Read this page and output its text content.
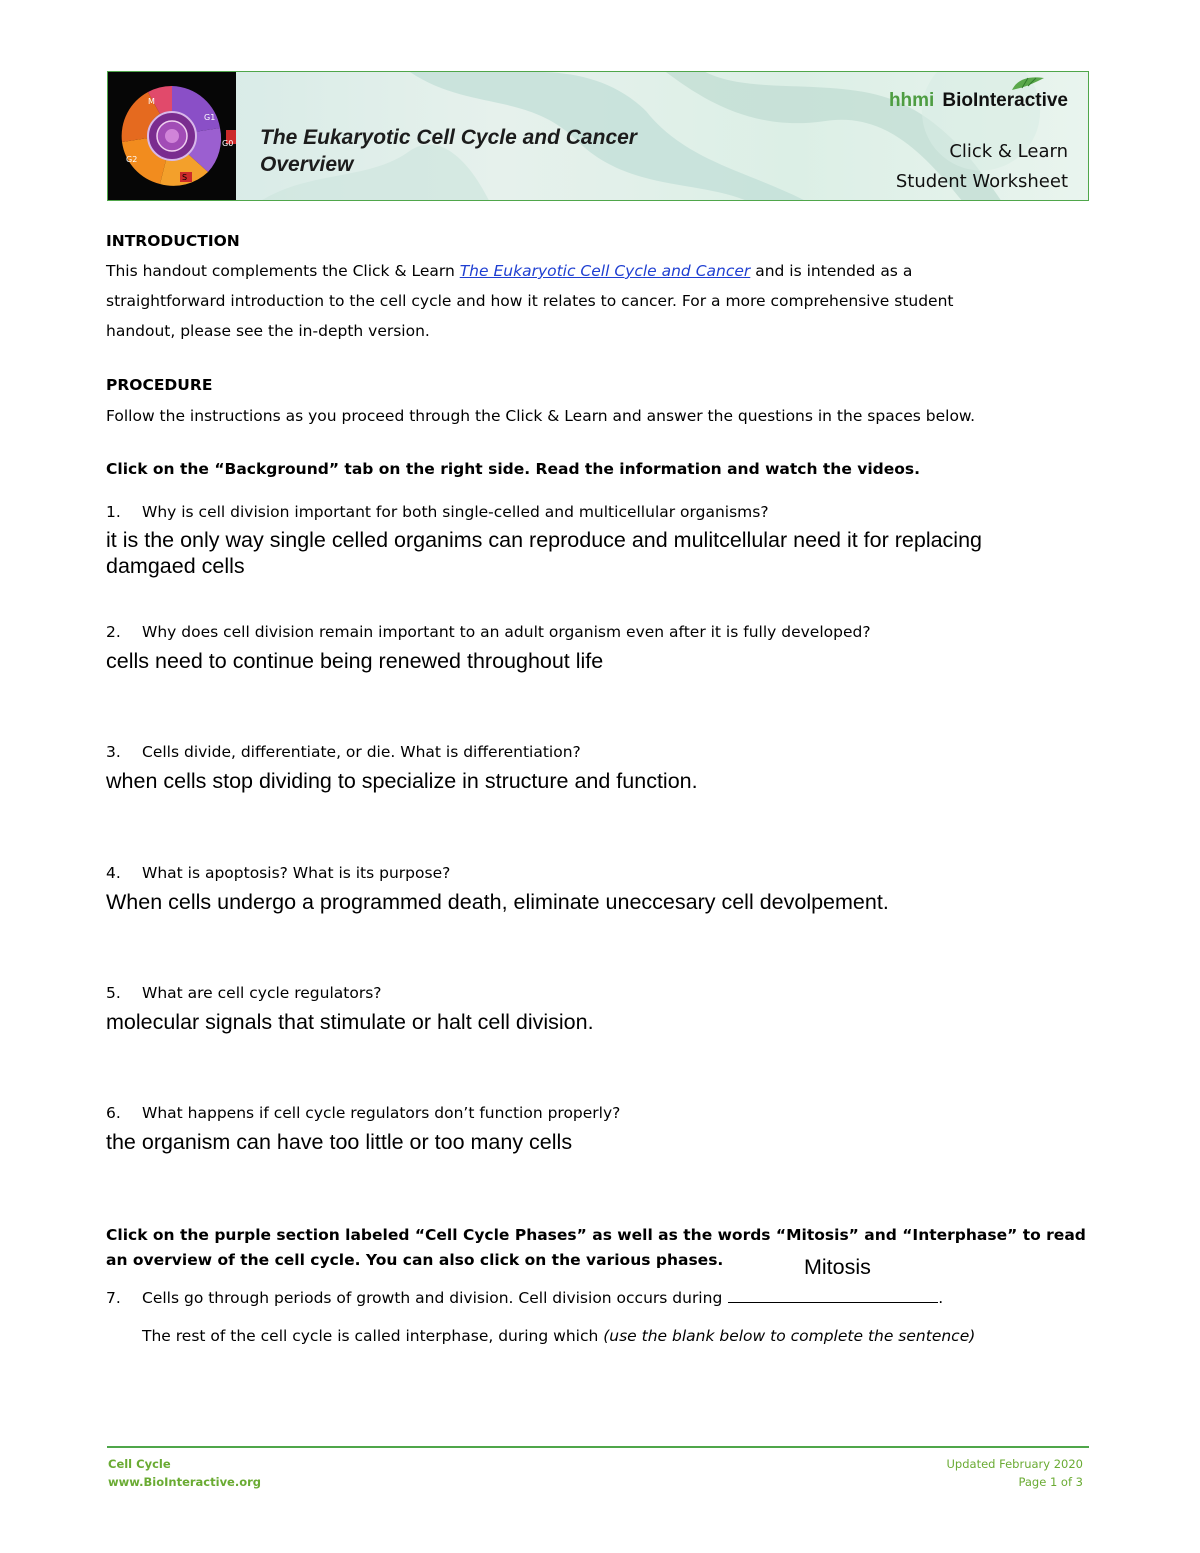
M
G1
G0
S
G2
The Eukaryotic Cell Cycle and Cancer
Overview
hhmi BioInteractive
Click & Learn
Student Worksheet
INTRODUCTION
This handout complements the Click & Learn The Eukaryotic Cell Cycle and Cancer and is intended as a
straightforward introduction to the cell cycle and how it relates to cancer. For a more comprehensive student
handout, please see the in-depth version.
PROCEDURE
Follow the instructions as you proceed through the Click & Learn and answer the questions in the spaces below.
Click on the “Background” tab on the right side. Read the information and watch the videos.
1. Why is cell division important for both single-celled and multicellular organisms?
it is the only way single celled organims can reproduce and mulitcellular need it for replacing
damgaed cells
2. Why does cell division remain important to an adult organism even after it is fully developed?
cells need to continue being renewed throughout life
3. Cells divide, differentiate, or die. What is differentiation?
when cells stop dividing to specialize in structure and function.
4. What is apoptosis? What is its purpose?
When cells undergo a programmed death, eliminate uneccesary cell devolpement.
5. What are cell cycle regulators?
molecular signals that stimulate or halt cell division.
6. What happens if cell cycle regulators don’t function properly?
the organism can have too little or too many cells
Click on the purple section labeled “Cell Cycle Phases” as well as the words “Mitosis” and “Interphase” to read
an overview of the cell cycle. You can also click on the various phases.	Mitosis
7. Cells go through periods of growth and division. Cell division occurs during	.
The rest of the cell cycle is called interphase, during which (use the blank below to complete the sentence)
Cell Cycle
www.BioInteractive.org
Updated February 2020
Page 1 of 3
